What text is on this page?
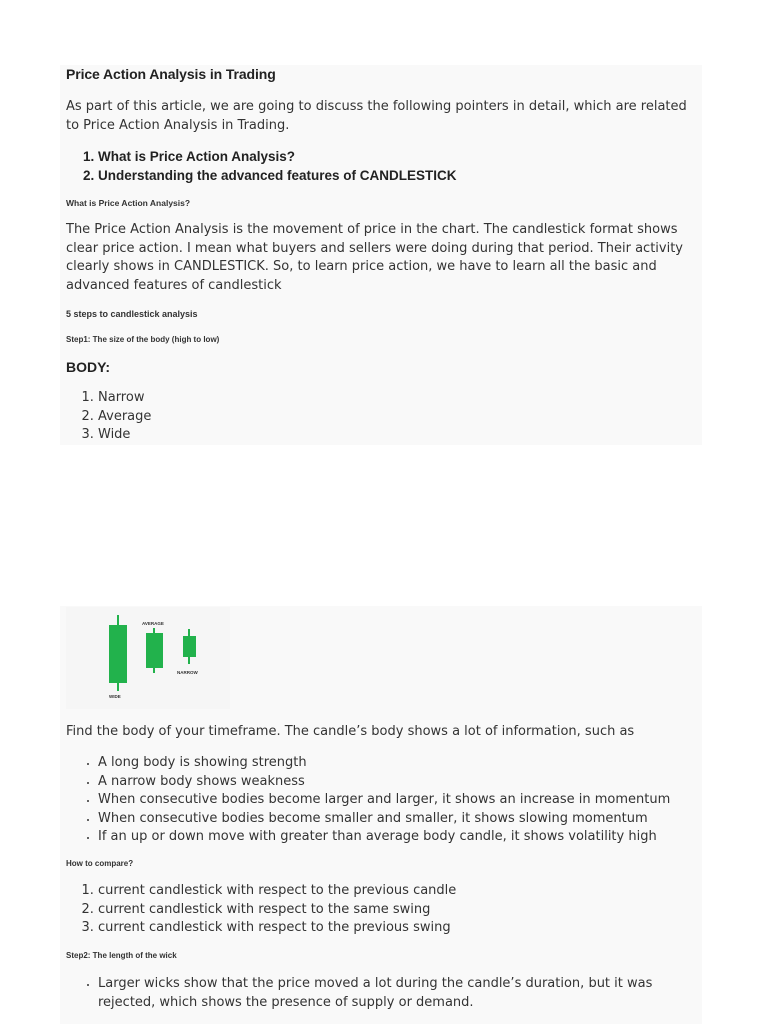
Price Action Analysis in Trading

As part of this article, we are going to discuss the following pointers in detail, which are related to Price Action Analysis in Trading.

1. What is Price Action Analysis?
2. Understanding the advanced features of CANDLESTICK
What is Price Action Analysis?

The Price Action Analysis is the movement of price in the chart. The candlestick format shows clear price action. I mean what buyers and sellers were doing during that period. Their activity clearly shows in CANDLESTICK. So, to learn price action, we have to learn all the basic and advanced features of candlestick

5 steps to candlestick analysis
Step1: The size of the body (high to low)
BODY:
1. Narrow
2. Average
3. Wide
WIDE
AVERAGE
NARROW

Find the body of your timeframe. The candle’s body shows a lot of information, such as

• A long body is showing strength
• A narrow body shows weakness
• When consecutive bodies become larger and larger, it shows an increase in momentum
• When consecutive bodies become smaller and smaller, it shows slowing momentum
• If an up or down move with greater than average body candle, it shows volatility high
How to compare?
1. current candlestick with respect to the previous candle
2. current candlestick with respect to the same swing
3. current candlestick with respect to the previous swing
Step2: The length of the wick
• Larger wicks show that the price moved a lot during the candle’s duration, but it was rejected, which shows the presence of supply or demand.
